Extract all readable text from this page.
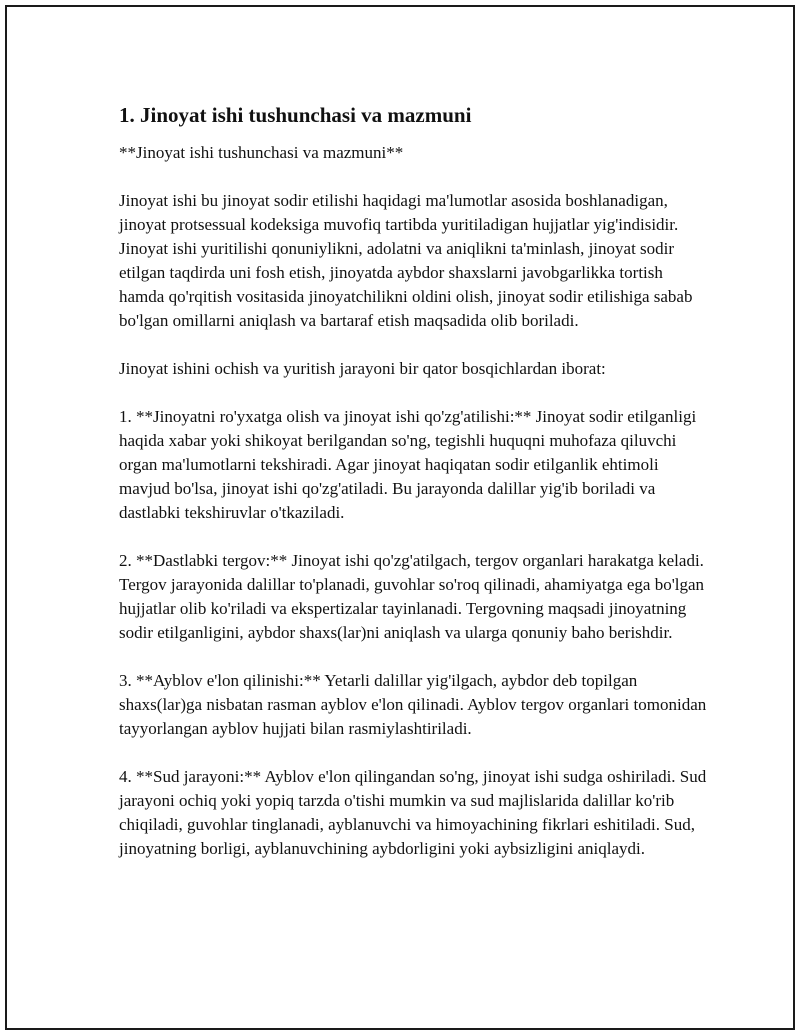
1. Jinoyat ishi tushunchasi va mazmuni

**Jinoyat ishi tushunchasi va mazmuni**

Jinoyat ishi bu jinoyat sodir etilishi haqidagi ma'lumotlar asosida boshlanadigan, jinoyat protsessual kodeksiga muvofiq tartibda yuritiladigan hujjatlar yig'indisidir. Jinoyat ishi yuritilishi qonuniylikni, adolatni va aniqlikni ta'minlash, jinoyat sodir etilgan taqdirda uni fosh etish, jinoyatda aybdor shaxslarni javobgarlikka tortish hamda qo'rqitish vositasida jinoyatchilikni oldini olish, jinoyat sodir etilishiga sabab bo'lgan omillarni aniqlash va bartaraf etish maqsadida olib boriladi.

Jinoyat ishini ochish va yuritish jarayoni bir qator bosqichlardan iborat:

1. **Jinoyatni ro'yxatga olish va jinoyat ishi qo'zg'atilishi:** Jinoyat sodir etilganligi haqida xabar yoki shikoyat berilgandan so'ng, tegishli huquqni muhofaza qiluvchi organ ma'lumotlarni tekshiradi. Agar jinoyat haqiqatan sodir etilganlik ehtimoli mavjud bo'lsa, jinoyat ishi qo'zg'atiladi. Bu jarayonda dalillar yig'ib boriladi va dastlabki tekshiruvlar o'tkaziladi.

2. **Dastlabki tergov:** Jinoyat ishi qo'zg'atilgach, tergov organlari harakatga keladi. Tergov jarayonida dalillar to'planadi, guvohlar so'roq qilinadi, ahamiyatga ega bo'lgan hujjatlar olib ko'riladi va ekspertizalar tayinlanadi. Tergovning maqsadi jinoyatning sodir etilganligini, aybdor shaxs(lar)ni aniqlash va ularga qonuniy baho berishdir.

3. **Ayblov e'lon qilinishi:** Yetarli dalillar yig'ilgach, aybdor deb topilgan shaxs(lar)ga nisbatan rasman ayblov e'lon qilinadi. Ayblov tergov organlari tomonidan tayyorlangan ayblov hujjati bilan rasmiylashtiriladi.

4. **Sud jarayoni:** Ayblov e'lon qilingandan so'ng, jinoyat ishi sudga oshiriladi. Sud jarayoni ochiq yoki yopiq tarzda o'tishi mumkin va sud majlislarida dalillar ko'rib chiqiladi, guvohlar tinglanadi, ayblanuvchi va himoyachining fikrlari eshitiladi. Sud, jinoyatning borligi, ayblanuvchining aybdorligini yoki aybsizligini aniqlaydi.
